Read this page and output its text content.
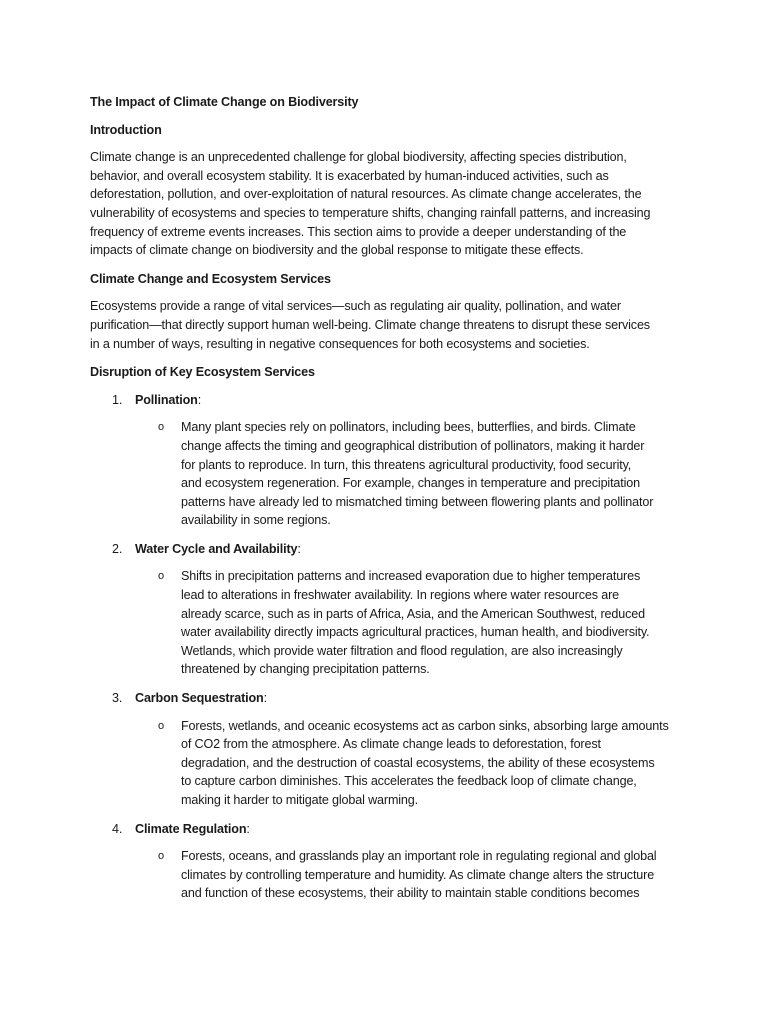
The Impact of Climate Change on Biodiversity
Introduction
Climate change is an unprecedented challenge for global biodiversity, affecting species distribution,
behavior, and overall ecosystem stability. It is exacerbated by human-induced activities, such as
deforestation, pollution, and over-exploitation of natural resources. As climate change accelerates, the
vulnerability of ecosystems and species to temperature shifts, changing rainfall patterns, and increasing
frequency of extreme events increases. This section aims to provide a deeper understanding of the
impacts of climate change on biodiversity and the global response to mitigate these effects.
Climate Change and Ecosystem Services
Ecosystems provide a range of vital services—such as regulating air quality, pollination, and water
purification—that directly support human well-being. Climate change threatens to disrupt these services
in a number of ways, resulting in negative consequences for both ecosystems and societies.
Disruption of Key Ecosystem Services
1. Pollination:
o Many plant species rely on pollinators, including bees, butterflies, and birds. Climate
change affects the timing and geographical distribution of pollinators, making it harder
for plants to reproduce. In turn, this threatens agricultural productivity, food security,
and ecosystem regeneration. For example, changes in temperature and precipitation
patterns have already led to mismatched timing between flowering plants and pollinator
availability in some regions.
2. Water Cycle and Availability:
o Shifts in precipitation patterns and increased evaporation due to higher temperatures
lead to alterations in freshwater availability. In regions where water resources are
already scarce, such as in parts of Africa, Asia, and the American Southwest, reduced
water availability directly impacts agricultural practices, human health, and biodiversity.
Wetlands, which provide water filtration and flood regulation, are also increasingly
threatened by changing precipitation patterns.
3. Carbon Sequestration:
o Forests, wetlands, and oceanic ecosystems act as carbon sinks, absorbing large amounts
of CO2 from the atmosphere. As climate change leads to deforestation, forest
degradation, and the destruction of coastal ecosystems, the ability of these ecosystems
to capture carbon diminishes. This accelerates the feedback loop of climate change,
making it harder to mitigate global warming.
4. Climate Regulation:
o Forests, oceans, and grasslands play an important role in regulating regional and global
climates by controlling temperature and humidity. As climate change alters the structure
and function of these ecosystems, their ability to maintain stable conditions becomes
